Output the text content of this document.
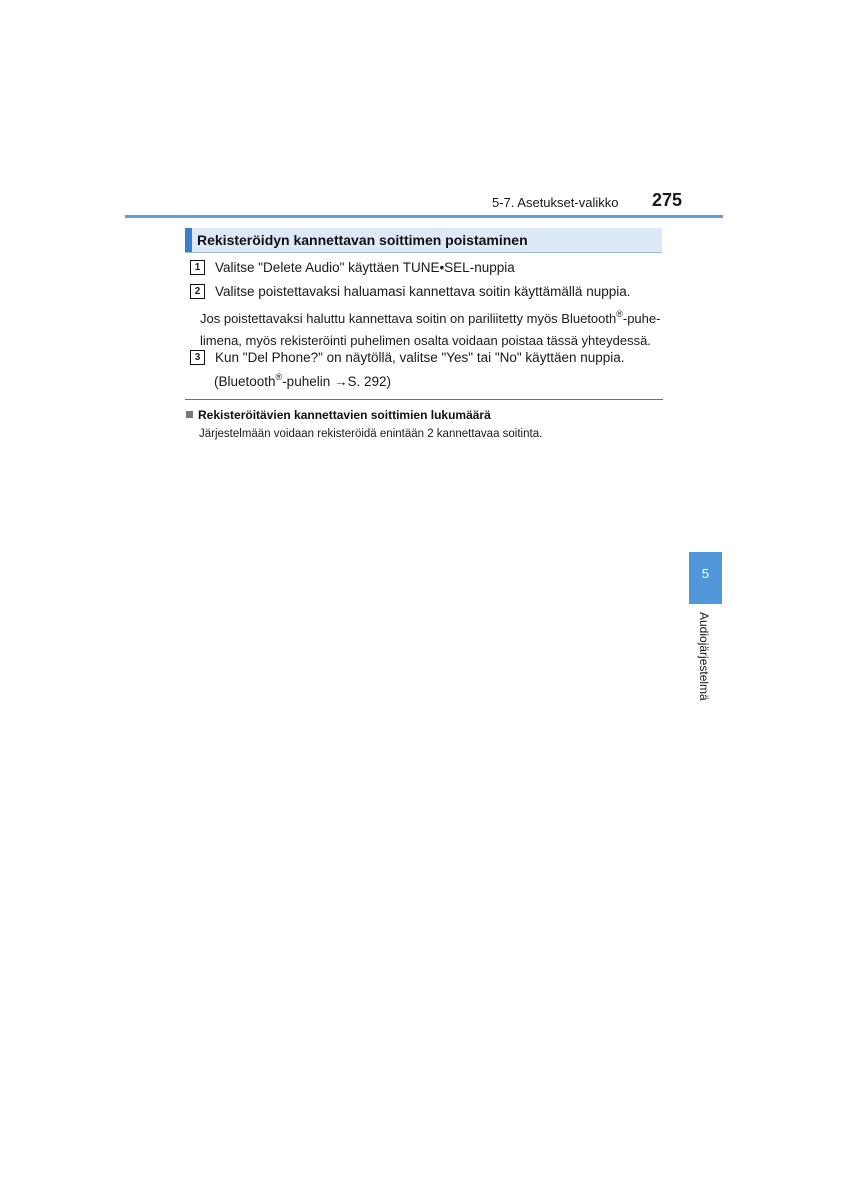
5-7. Asetukset-valikko 275
Rekisteröidyn kannettavan soittimen poistaminen
1 Valitse "Delete Audio" käyttäen TUNE•SEL-nuppia
2 Valitse poistettavaksi haluamasi kannettava soitin käyttämällä nuppia.
Jos poistettavaksi haluttu kannettava soitin on pariliitetty myös Bluetooth®-puhe-
limena, myös rekisteröinti puhelimen osalta voidaan poistaa tässä yhteydessä.
3 Kun "Del Phone?" on näytöllä, valitse "Yes" tai "No" käyttäen nuppia.
(Bluetooth®-puhelin →S. 292)
Rekisteröitävien kannettavien soittimien lukumäärä
Järjestelmään voidaan rekisteröidä enintään 2 kannettavaa soitinta.
5
Audiojärjestelmä
